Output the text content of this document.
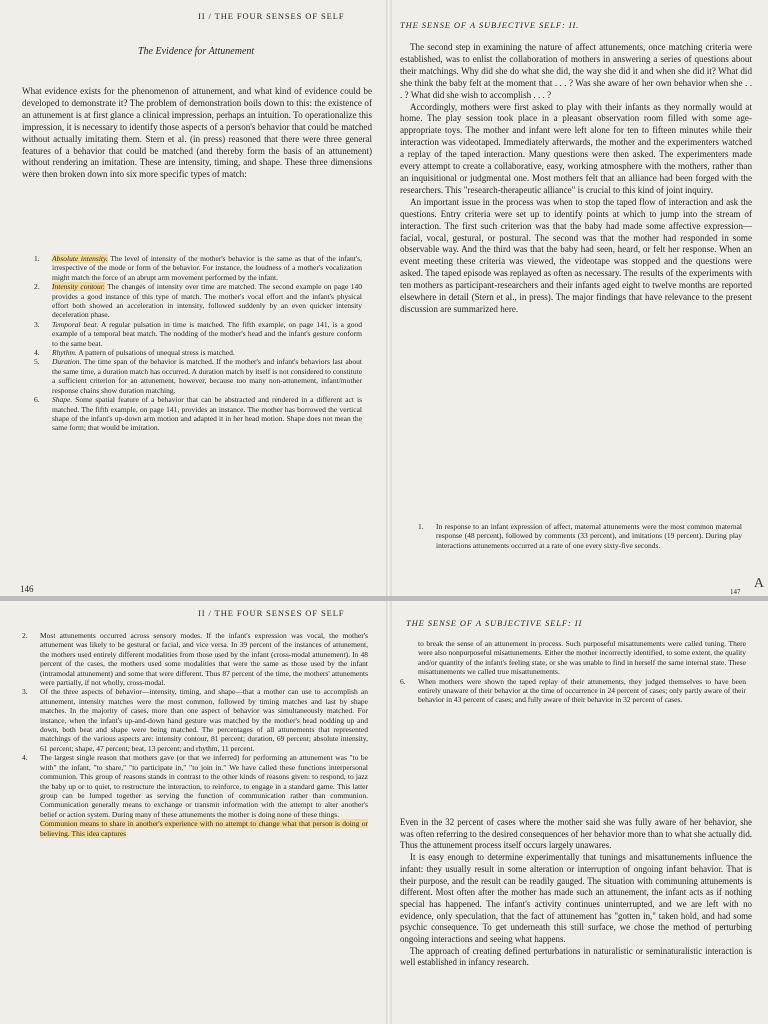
II / THE FOUR SENSES OF SELF
The Evidence for Attunement

What evidence exists for the phenomenon of attunement, and what kind of evidence could be developed to demonstrate it? The problem of demonstration boils down to this: the existence of an attunement is at first glance a clinical impression, perhaps an intuition. To operationalize this impression, it is necessary to identify those aspects of a person's behavior that could be matched without actually imitating them. Stern et al. (in press) reasoned that there were three general features of a behavior that could be matched (and thereby form the basis of an attunement) without rendering an imitation. These are intensity, timing, and shape. These three dimensions were then broken down into six more specific types of match:

1. Absolute intensity. The level of intensity of the mother's behavior is the same as that of the infant's, irrespective of the mode or form of the behavior. For instance, the loudness of a mother's vocalization might match the force of an abrupt arm movement performed by the infant.
2. Intensity contour. The changes of intensity over time are matched. The second example on page 140 provides a good instance of this type of match. The mother's vocal effort and the infant's physical effort both showed an acceleration in intensity, followed suddenly by an even quicker intensity deceleration phase.
3. Temporal beat. A regular pulsation in time is matched. The fifth example, on page 141, is a good example of a temporal beat match. The nodding of the mother's head and the infant's gesture conform to the same beat.
4. Rhythm. A pattern of pulsations of unequal stress is matched.
5. Duration. The time span of the behavior is matched. If the mother's and infant's behaviors last about the same time, a duration match has occurred. A duration match by itself is not considered to constitute a sufficient criterion for an attunement, however, because too many non-attunement, infant/mother response chains show duration matching.
6. Shape. Some spatial feature of a behavior that can be abstracted and rendered in a different act is matched. The fifth example, on page 141, provides an instance. The mother has borrowed the vertical shape of the infant's up-down arm motion and adapted it in her head motion. Shape does not mean the same form; that would be imitation.
146
THE SENSE OF A SUBJECTIVE SELF: II.

The second step in examining the nature of affect attunements, once matching criteria were established, was to enlist the collaboration of mothers in answering a series of questions about their matchings. Why did she do what she did, the way she did it and when she did it? What did she think the baby felt at the moment that . . . ? Was she aware of her own behavior when she . . . ? What did she wish to accomplish . . . ?

Accordingly, mothers were first asked to play with their infants as they normally would at home. The play session took place in a pleasant observation room filled with some age-appropriate toys. The mother and infant were left alone for ten to fifteen minutes while their interaction was videotaped. Immediately afterwards, the mother and the experimenters watched a replay of the taped interaction. Many questions were then asked. The experimenters made every attempt to create a collaborative, easy, working atmosphere with the mothers, rather than an inquisitional or judgmental one. Most mothers felt that an alliance had been forged with the researchers. This "research-therapeutic alliance" is crucial to this kind of joint inquiry.

An important issue in the process was when to stop the taped flow of interaction and ask the questions. Entry criteria were set up to identify points at which to jump into the stream of interaction. The first such criterion was that the baby had made some affective expression—facial, vocal, gestural, or postural. The second was that the mother had responded in some observable way. And the third was that the baby had seen, heard, or felt her response. When an event meeting these criteria was viewed, the videotape was stopped and the questions were asked. The taped episode was replayed as often as necessary. The results of the experiments with ten mothers as participant-researchers and their infants aged eight to twelve months are reported elsewhere in detail (Stern et al., in press). The major findings that have relevance to the present discussion are summarized here.

1. In response to an infant expression of affect, maternal attunements were the most common maternal response (48 percent), followed by comments (33 percent), and imitations (19 percent). During play interactions attunements occurred at a rate of one every sixty-five seconds.
147
A
II / THE FOUR SENSES OF SELF
2. Most attunements occurred across sensory modes. If the infant's expression was vocal, the mother's attunement was likely to be gestural or facial, and vice versa. In 39 percent of the instances of attunement, the mothers used entirely different modalities from those used by the infant (cross-modal attunement). In 48 percent of the cases, the mothers used some modalities that were the same as those used by the infant (intramodal attunement) and some that were different. Thus 87 percent of the time, the mothers' attunements were partially, if not wholly, cross-modal.
3. Of the three aspects of behavior—intensity, timing, and shape—that a mother can use to accomplish an attunement, intensity matches were the most common, followed by timing matches and last by shape matches. In the majority of cases, more than one aspect of behavior was simultaneously matched. For instance, when the infant's up-and-down hand gesture was matched by the mother's head nodding up and down, both beat and shape were being matched. The percentages of all attunements that represented matchings of the various aspects are: intensity contour, 81 percent; duration, 69 percent; absolute intensity, 61 percent; shape, 47 percent; beat, 13 percent; and rhythm, 11 percent.
4. The largest single reason that mothers gave (or that we inferred) for performing an attunement was "to be with" the infant, "to share," "to participate in," "to join in." We have called these functions interpersonal communion. This group of reasons stands in contrast to the other kinds of reasons given: to respond, to jazz the baby up or to quiet, to restructure the interaction, to reinforce, to engage in a standard game. This latter group can be lumped together as serving the function of communication rather than communion. Communication generally means to exchange or transmit information with the attempt to alter another's belief or action system. During many of these attunements the mother is doing none of these things.
Communion means to share in another's experience with no attempt to change what that person is doing or believing. This idea captures
THE SENSE OF A SUBJECTIVE SELF: II

to break the sense of an attunement in process. Such purposeful misattunements were called tuning. There were also nonpurposeful misattunements. Either the mother incorrectly identified, to some extent, the quality and/or quantity of the infant's feeling state, or she was unable to find in herself the same internal state. These misattunements we called true misattunements.

6. When mothers were shown the taped replay of their attunements, they judged themselves to have been entirely unaware of their behavior at the time of occurrence in 24 percent of cases; only partly aware of their behavior in 43 percent of cases; and fully aware of their behavior in 32 percent of cases.

Even in the 32 percent of cases where the mother said she was fully aware of her behavior, she was often referring to the desired consequences of her behavior more than to what she actually did. Thus the attunement process itself occurs largely unawares.

It is easy enough to determine experimentally that tunings and misattunements influence the infant: they usually result in some alteration or interruption of ongoing infant behavior. That is their purpose, and the result can be readily gauged. The situation with communing attunements is different. Most often after the mother has made such an attunement, the infant acts as if nothing special has happened. The infant's activity continues uninterrupted, and we are left with no evidence, only speculation, that the fact of attunement has "gotten in," taken hold, and had some psychic consequence. To get underneath this still surface, we chose the method of perturbing ongoing interactions and seeing what happens.

The approach of creating defined perturbations in naturalistic or seminaturalistic interaction is well established in infancy research.
